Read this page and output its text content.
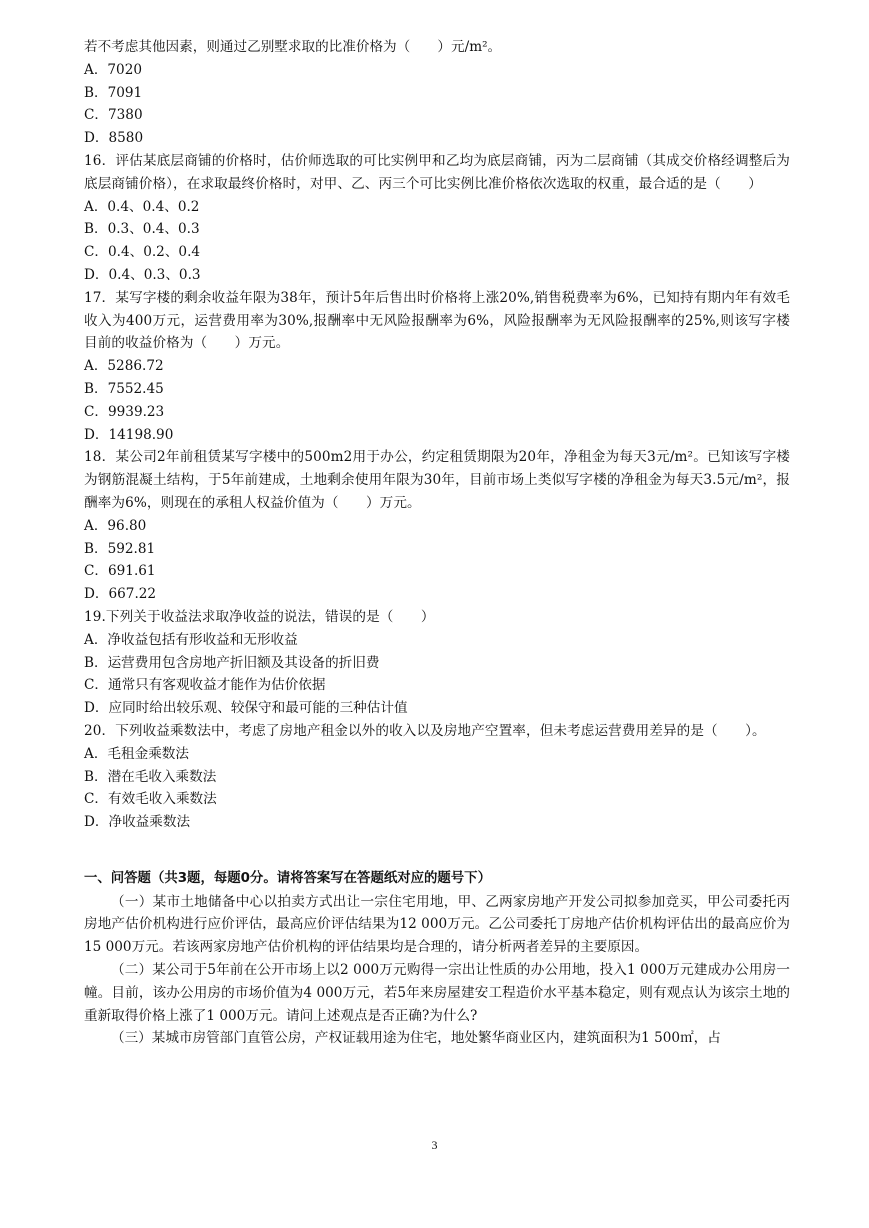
若不考虑其他因素，则通过乙别墅求取的比准价格为（　　）元/m²。
A．7020
B．7091
C．7380
D．8580
16．评估某底层商铺的价格时，估价师选取的可比实例甲和乙均为底层商铺，丙为二层商铺（其成交价格经调整后为底层商铺价格），在求取最终价格时，对甲、乙、丙三个可比实例比准价格依次选取的权重，最合适的是（　　）
A．0.4、0.4、0.2
B．0.3、0.4、0.3
C．0.4、0.2、0.4
D．0.4、0.3、0.3
17．某写字楼的剩余收益年限为38年，预计5年后售出时价格将上涨20%,销售税费率为6%，已知持有期内年有效毛收入为400万元，运营费用率为30%,报酬率中无风险报酬率为6%，风险报酬率为无风险报酬率的25%,则该写字楼目前的收益价格为（　　）万元。
A．5286.72
B．7552.45
C．9939.23
D．14198.90
18．某公司2年前租赁某写字楼中的500m2用于办公，约定租赁期限为20年，净租金为每天3元/m²。已知该写字楼为钢筋混凝土结构，于5年前建成，土地剩余使用年限为30年，目前市场上类似写字楼的净租金为每天3.5元/m²，报酬率为6%，则现在的承租人权益价值为（　　）万元。
A．96.80
B．592.81
C．691.61
D．667.22
19.下列关于收益法求取净收益的说法，错误的是（　　）
A．净收益包括有形收益和无形收益
B．运营费用包含房地产折旧额及其设备的折旧费
C．通常只有客观收益才能作为估价依据
D．应同时给出较乐观、较保守和最可能的三种估计值
20．下列收益乘数法中，考虑了房地产租金以外的收入以及房地产空置率，但未考虑运营费用差异的是（　　）。
A．毛租金乘数法
B．潜在毛收入乘数法
C．有效毛收入乘数法
D．净收益乘数法
一、问答题（共3题，每题0分。请将答案写在答题纸对应的题号下）
（一）某市土地储备中心以拍卖方式出让一宗住宅用地，甲、乙两家房地产开发公司拟参加竞买，甲公司委托丙房地产估价机构进行应价评估，最高应价评估结果为12 000万元。乙公司委托丁房地产估价机构评估出的最高应价为15 000万元。若该两家房地产估价机构的评估结果均是合理的，请分析两者差异的主要原因。
（二）某公司于5年前在公开市场上以2 000万元购得一宗出让性质的办公用地，投入1 000万元建成办公用房一幢。目前，该办公用房的市场价值为4 000万元，若5年来房屋建安工程造价水平基本稳定，则有观点认为该宗土地的重新取得价格上涨了1 000万元。请问上述观点是否正确?为什么?
（三）某城市房管部门直管公房，产权证载用途为住宅，地处繁华商业区内，建筑面积为1 500㎡，占
3
